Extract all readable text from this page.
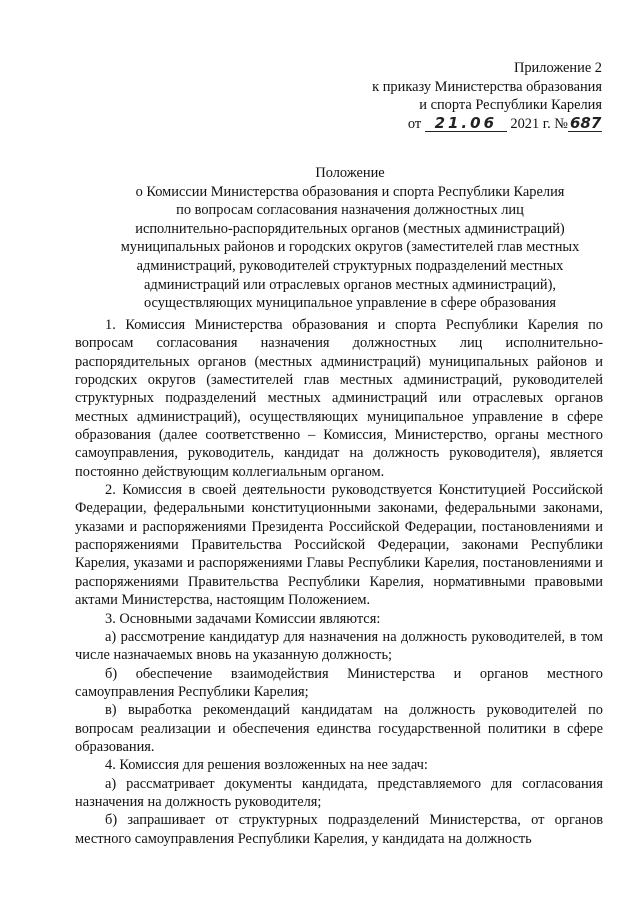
Приложение 2
к приказу Министерства образования
и спорта Республики Карелия
от 21.06 2021 г. № 687
Положение
о Комиссии Министерства образования и спорта Республики Карелия
по вопросам согласования назначения должностных лиц
исполнительно-распорядительных органов (местных администраций)
муниципальных районов и городских округов (заместителей глав местных
администраций, руководителей структурных подразделений местных
администраций или отраслевых органов местных администраций),
осуществляющих муниципальное управление в сфере образования

1. Комиссия Министерства образования и спорта Республики Карелия по вопросам согласования назначения должностных лиц исполнительно-распорядительных органов (местных администраций) муниципальных районов и городских округов (заместителей глав местных администраций, руководителей структурных подразделений местных администраций или отраслевых органов местных администраций), осуществляющих муниципальное управление в сфере образования (далее соответственно – Комиссия, Министерство, органы местного самоуправления, руководитель, кандидат на должность руководителя), является постоянно действующим коллегиальным органом.

2. Комиссия в своей деятельности руководствуется Конституцией Российской Федерации, федеральными конституционными законами, федеральными законами, указами и распоряжениями Президента Российской Федерации, постановлениями и распоряжениями Правительства Российской Федерации, законами Республики Карелия, указами и распоряжениями Главы Республики Карелия, постановлениями и распоряжениями Правительства Республики Карелия, нормативными правовыми актами Министерства, настоящим Положением.

3. Основными задачами Комиссии являются:

а) рассмотрение кандидатур для назначения на должность руководителей, в том числе назначаемых вновь на указанную должность;

б) обеспечение взаимодействия Министерства и органов местного самоуправления Республики Карелия;

в) выработка рекомендаций кандидатам на должность руководителей по вопросам реализации и обеспечения единства государственной политики в сфере образования.

4. Комиссия для решения возложенных на нее задач:

а) рассматривает документы кандидата, представляемого для согласования назначения на должность руководителя;

б) запрашивает от структурных подразделений Министерства, от органов местного самоуправления Республики Карелия, у кандидата на должность
